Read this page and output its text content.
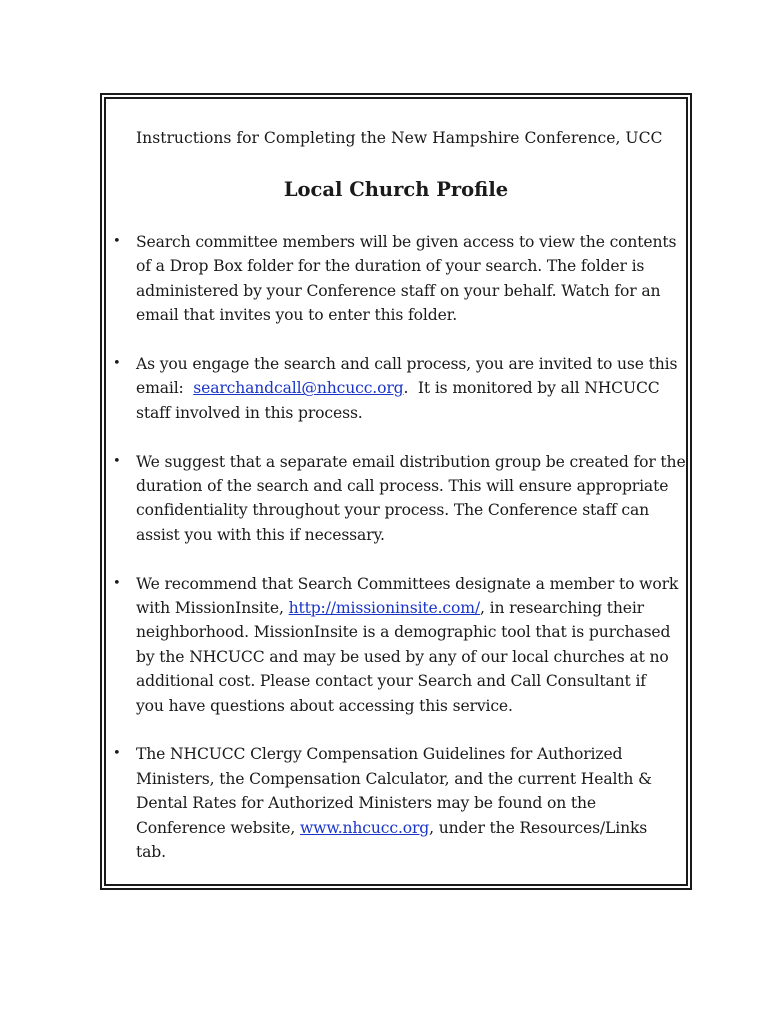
Instructions for Completing the New Hampshire Conference, UCC

Local Church Profile
• Search committee members will be given access to view the contents
of a Drop Box folder for the duration of your search. The folder is
administered by your Conference staff on your behalf. Watch for an
email that invites you to enter this folder.
• As you engage the search and call process, you are invited to use this
email:  searchandcall@nhcucc.org.  It is monitored by all NHCUCC
staff involved in this process.
• We suggest that a separate email distribution group be created for the
duration of the search and call process. This will ensure appropriate
confidentiality throughout your process. The Conference staff can
assist you with this if necessary.
• We recommend that Search Committees designate a member to work
with MissionInsite, http://missioninsite.com/, in researching their
neighborhood. MissionInsite is a demographic tool that is purchased
by the NHCUCC and may be used by any of our local churches at no
additional cost. Please contact your Search and Call Consultant if
you have questions about accessing this service.
• The NHCUCC Clergy Compensation Guidelines for Authorized
Ministers, the Compensation Calculator, and the current Health &
Dental Rates for Authorized Ministers may be found on the
Conference website, www.nhcucc.org, under the Resources/Links
tab.
